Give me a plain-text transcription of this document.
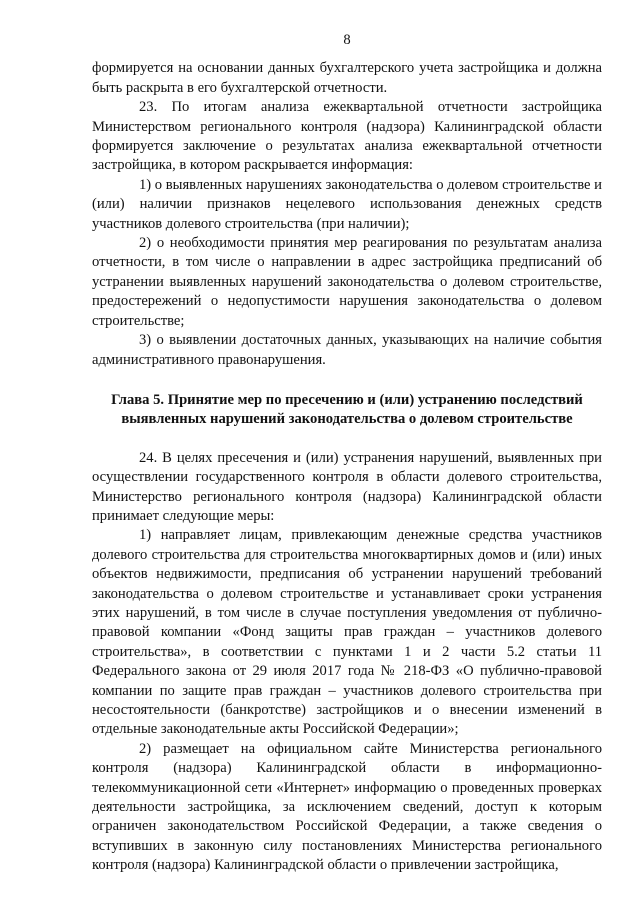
8

формируется на основании данных бухгалтерского учета застройщика и должна быть раскрыта в его бухгалтерской отчетности.

23. По итогам анализа ежеквартальной отчетности застройщика Министерством регионального контроля (надзора) Калининградской области формируется заключение о результатах анализа ежеквартальной отчетности застройщика, в котором раскрывается информация:

1) о выявленных нарушениях законодательства о долевом строительстве и (или) наличии признаков нецелевого использования денежных средств участников долевого строительства (при наличии);

2) о необходимости принятия мер реагирования по результатам анализа отчетности, в том числе о направлении в адрес застройщика предписаний об устранении выявленных нарушений законодательства о долевом строительстве, предостережений о недопустимости нарушения законодательства о долевом строительстве;

3) о выявлении достаточных данных, указывающих на наличие события административного правонарушения.

Глава 5. Принятие мер по пресечению и (или) устранению последствий выявленных нарушений законодательства о долевом строительстве

24. В целях пресечения и (или) устранения нарушений, выявленных при осуществлении государственного контроля в области долевого строительства, Министерство регионального контроля (надзора) Калининградской области принимает следующие меры:

1) направляет лицам, привлекающим денежные средства участников долевого строительства для строительства многоквартирных домов и (или) иных объектов недвижимости, предписания об устранении нарушений требований законодательства о долевом строительстве и устанавливает сроки устранения этих нарушений, в том числе в случае поступления уведомления от публично-правовой компании «Фонд защиты прав граждан – участников долевого строительства», в соответствии с пунктами 1 и 2 части 5.2 статьи 11 Федерального закона от 29 июля 2017 года № 218-ФЗ «О публично-правовой компании по защите прав граждан – участников долевого строительства при несостоятельности (банкротстве) застройщиков и о внесении изменений в отдельные законодательные акты Российской Федерации»;

2) размещает на официальном сайте Министерства регионального контроля (надзора) Калининградской области в информационно-телекоммуникационной сети «Интернет» информацию о проведенных проверках деятельности застройщика, за исключением сведений, доступ к которым ограничен законодательством Российской Федерации, а также сведения о вступивших в законную силу постановлениях Министерства регионального контроля (надзора) Калининградской области о привлечении застройщика,
